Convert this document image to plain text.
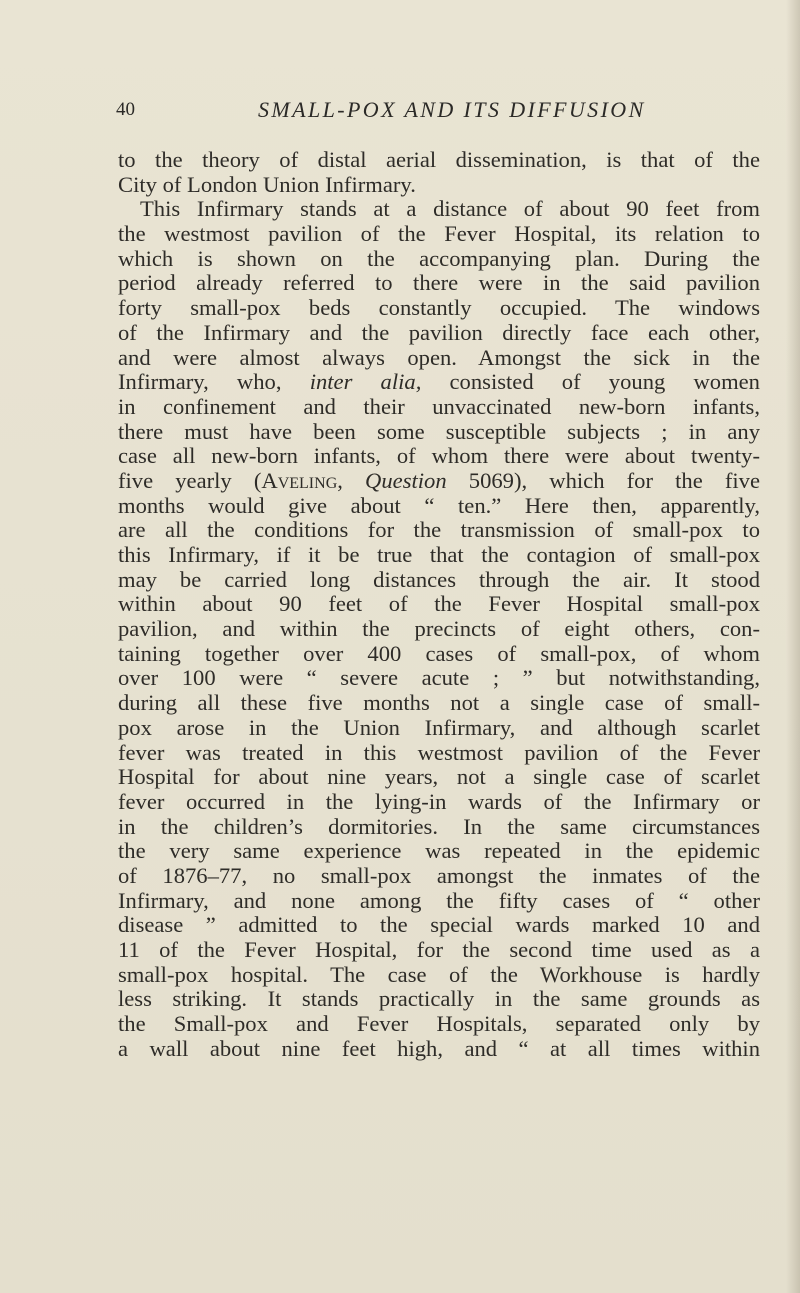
40	SMALL-POX AND ITS DIFFUSION
to the theory of distal aerial dissemination, is that of the
City of London Union Infirmary.
This Infirmary stands at a distance of about 90 feet from
the westmost pavilion of the Fever Hospital, its relation to
which is shown on the accompanying plan. During the
period already referred to there were in the said pavilion
forty small-pox beds constantly occupied. The windows
of the Infirmary and the pavilion directly face each other,
and were almost always open. Amongst the sick in the
Infirmary, who, inter alia, consisted of young women
in confinement and their unvaccinated new-born infants,
there must have been some susceptible subjects ; in any
case all new-born infants, of whom there were about twenty-
five yearly (Aveling, Question 5069), which for the five
months would give about “ ten.” Here then, apparently,
are all the conditions for the transmission of small-pox to
this Infirmary, if it be true that the contagion of small-pox
may be carried long distances through the air. It stood
within about 90 feet of the Fever Hospital small-pox
pavilion, and within the precincts of eight others, con-
taining together over 400 cases of small-pox, of whom
over 100 were “ severe acute ; ” but notwithstanding,
during all these five months not a single case of small-
pox arose in the Union Infirmary, and although scarlet
fever was treated in this westmost pavilion of the Fever
Hospital for about nine years, not a single case of scarlet
fever occurred in the lying-in wards of the Infirmary or
in the children’s dormitories. In the same circumstances
the very same experience was repeated in the epidemic
of 1876–77, no small-pox amongst the inmates of the
Infirmary, and none among the fifty cases of “ other
disease ” admitted to the special wards marked 10 and
11 of the Fever Hospital, for the second time used as a
small-pox hospital. The case of the Workhouse is hardly
less striking. It stands practically in the same grounds as
the Small-pox and Fever Hospitals, separated only by
a wall about nine feet high, and “ at all times within
